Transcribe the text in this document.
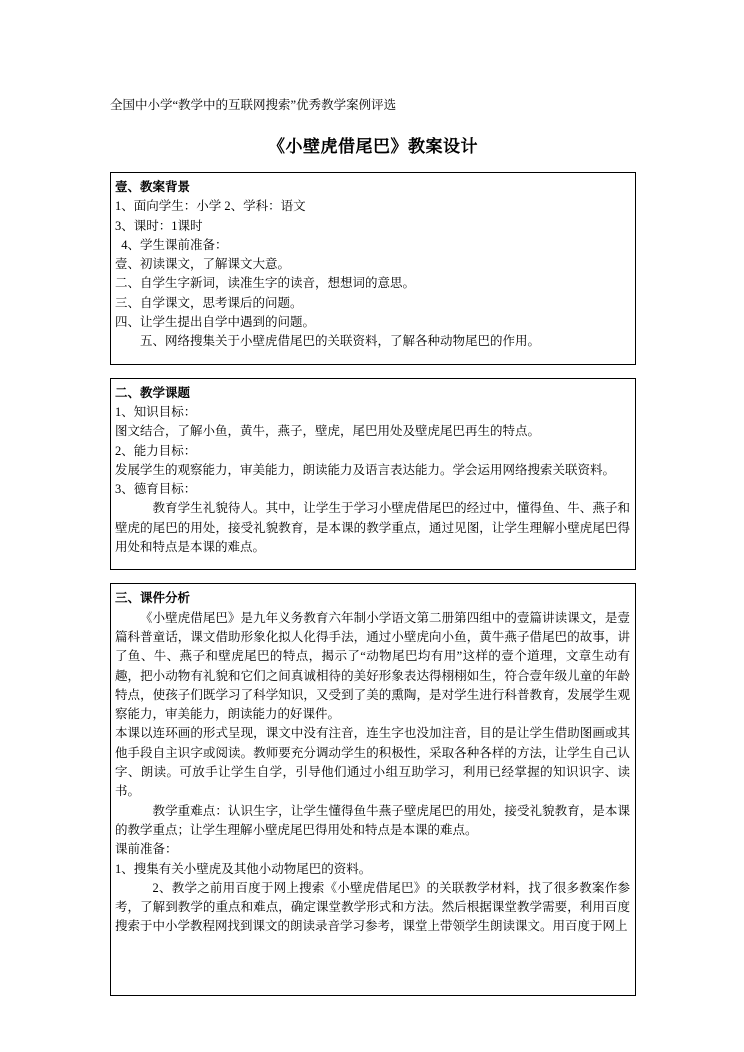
全国中小学“教学中的互联网搜索”优秀教学案例评选
《小壁虎借尾巴》教案设计
壹、教案背景
1、面向学生：小学 2、学科：语文
3、课时：1课时
4、学生课前准备：
壹、初读课文，了解课文大意。
二、自学生字新词，读准生字的读音，想想词的意思。
三、自学课文，思考课后的问题。
四、让学生提出自学中遇到的问题。
五、网络搜集关于小壁虎借尾巴的关联资料，了解各种动物尾巴的作用。
二、教学课题
1、知识目标：
图文结合，了解小鱼，黄牛，燕子，壁虎，尾巴用处及壁虎尾巴再生的特点。
2、能力目标：
发展学生的观察能力，审美能力，朗读能力及语言表达能力。学会运用网络搜索关联资料。
3、德育目标：
教育学生礼貌待人。其中，让学生于学习小壁虎借尾巴的经过中，懂得鱼、牛、燕子和壁虎的尾巴的用处，接受礼貌教育，是本课的教学重点，通过见图，让学生理解小壁虎尾巴得用处和特点是本课的难点。
三、课件分析
《小壁虎借尾巴》是九年义务教育六年制小学语文第二册第四组中的壹篇讲读课文，是壹篇科普童话，课文借助形象化拟人化得手法，通过小壁虎向小鱼，黄牛燕子借尾巴的故事，讲了鱼、牛、燕子和壁虎尾巴的特点，揭示了“动物尾巴均有用”这样的壹个道理，文章生动有趣，把小动物有礼貌和它们之间真诚相待的美好形象表达得栩栩如生，符合壹年级儿童的年龄特点，使孩子们既学习了科学知识，又受到了美的熏陶，是对学生进行科普教育，发展学生观察能力，审美能力，朗读能力的好课件。
本课以连环画的形式呈现，课文中没有注音，连生字也没加注音，目的是让学生借助图画或其他手段自主识字或阅读。教师要充分调动学生的积极性，采取各种各样的方法，让学生自己认字、朗读。可放手让学生自学，引导他们通过小组互助学习，利用已经掌握的知识识字、读书。
教学重难点：认识生字，让学生懂得鱼牛燕子壁虎尾巴的用处，接受礼貌教育，是本课的教学重点；让学生理解小壁虎尾巴得用处和特点是本课的难点。
课前准备：
1、搜集有关小壁虎及其他小动物尾巴的资料。
2、教学之前用百度于网上搜索《小壁虎借尾巴》的关联教学材料，找了很多教案作参考，了解到教学的重点和难点，确定课堂教学形式和方法。然后根据课堂教学需要，利用百度搜索于中小学教程网找到课文的朗读录音学习参考，课堂上带领学生朗读课文。用百度于网上
